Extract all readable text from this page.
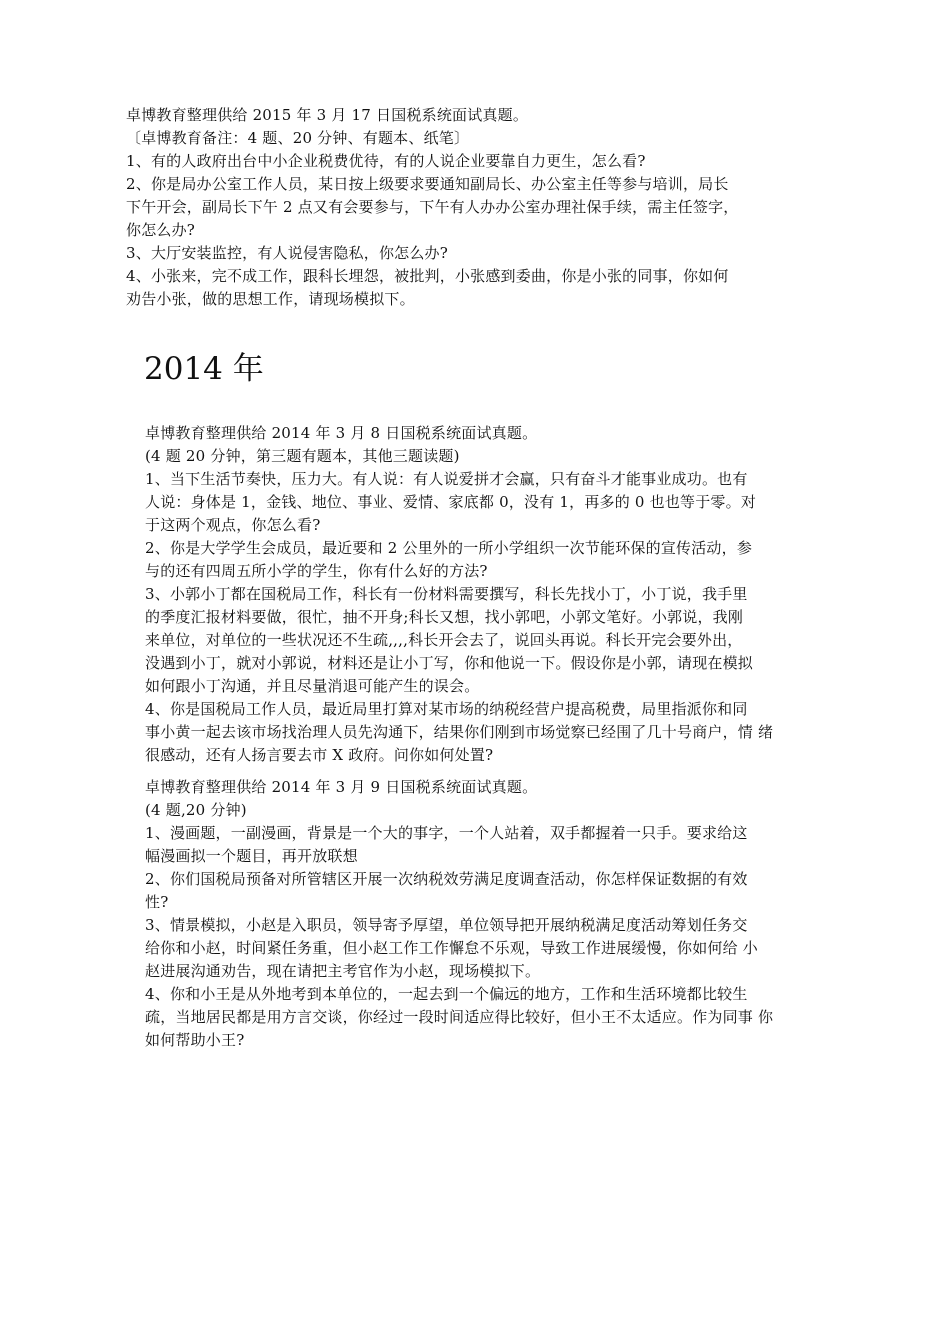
卓博教育整理供给 2015 年 3 月 17 日国税系统面试真题。
〔卓博教育备注：4 题、20 分钟、有题本、纸笔〕
1、有的人政府出台中小企业税费优待，有的人说企业要靠自力更生，怎么看?
2、你是局办公室工作人员，某日按上级要求要通知副局长、办公室主任等参与培训，局长
下午开会，副局长下午 2 点又有会要参与，下午有人办办公室办理社保手续，需主任签字，
你怎么办?
3、大厅安装监控，有人说侵害隐私，你怎么办?
4、小张来，完不成工作，跟科长埋怨，被批判，小张感到委曲，你是小张的同事，你如何
劝告小张，做的思想工作，请现场模拟下。
2014 年
卓博教育整理供给 2014 年 3 月 8 日国税系统面试真题。
(4 题 20 分钟，第三题有题本，其他三题读题)
1、当下生活节奏快，压力大。有人说：有人说爱拼才会赢，只有奋斗才能事业成功。也有
人说：身体是 1，金钱、地位、事业、爱情、家底都 0，没有 1，再多的 0 也也等于零。对
于这两个观点，你怎么看?
2、你是大学学生会成员，最近要和 2 公里外的一所小学组织一次节能环保的宣传活动，参
与的还有四周五所小学的学生，你有什么好的方法?
3、小郭小丁都在国税局工作，科长有一份材料需要撰写，科长先找小丁，小丁说，我手里
的季度汇报材料要做，很忙，抽不开身;科长又想，找小郭吧，小郭文笔好。小郭说，我刚
来单位，对单位的一些状况还不生疏,,,,科长开会去了，说回头再说。科长开完会要外出，
没遇到小丁，就对小郭说，材料还是让小丁写，你和他说一下。假设你是小郭，请现在模拟
如何跟小丁沟通，并且尽量消退可能产生的误会。
4、你是国税局工作人员，最近局里打算对某市场的纳税经营户提高税费，局里指派你和同
事小黄一起去该市场找治理人员先沟通下，结果你们刚到市场觉察已经围了几十号商户，情 绪
很感动，还有人扬言要去市 X 政府。问你如何处置?
卓博教育整理供给 2014 年 3 月 9 日国税系统面试真题。
(4 题,20 分钟)
1、漫画题，一副漫画，背景是一个大的事字，一个人站着，双手都握着一只手。要求给这
幅漫画拟一个题目，再开放联想
2、你们国税局预备对所管辖区开展一次纳税效劳满足度调查活动，你怎样保证数据的有效
性?
3、情景模拟，小赵是入职员，领导寄予厚望，单位领导把开展纳税满足度活动筹划任务交
给你和小赵，时间紧任务重，但小赵工作工作懈怠不乐观，导致工作进展缓慢，你如何给 小
赵进展沟通劝告，现在请把主考官作为小赵，现场模拟下。
4、你和小王是从外地考到本单位的，一起去到一个偏远的地方，工作和生活环境都比较生
疏，当地居民都是用方言交谈，你经过一段时间适应得比较好，但小王不太适应。作为同事 你
如何帮助小王?
